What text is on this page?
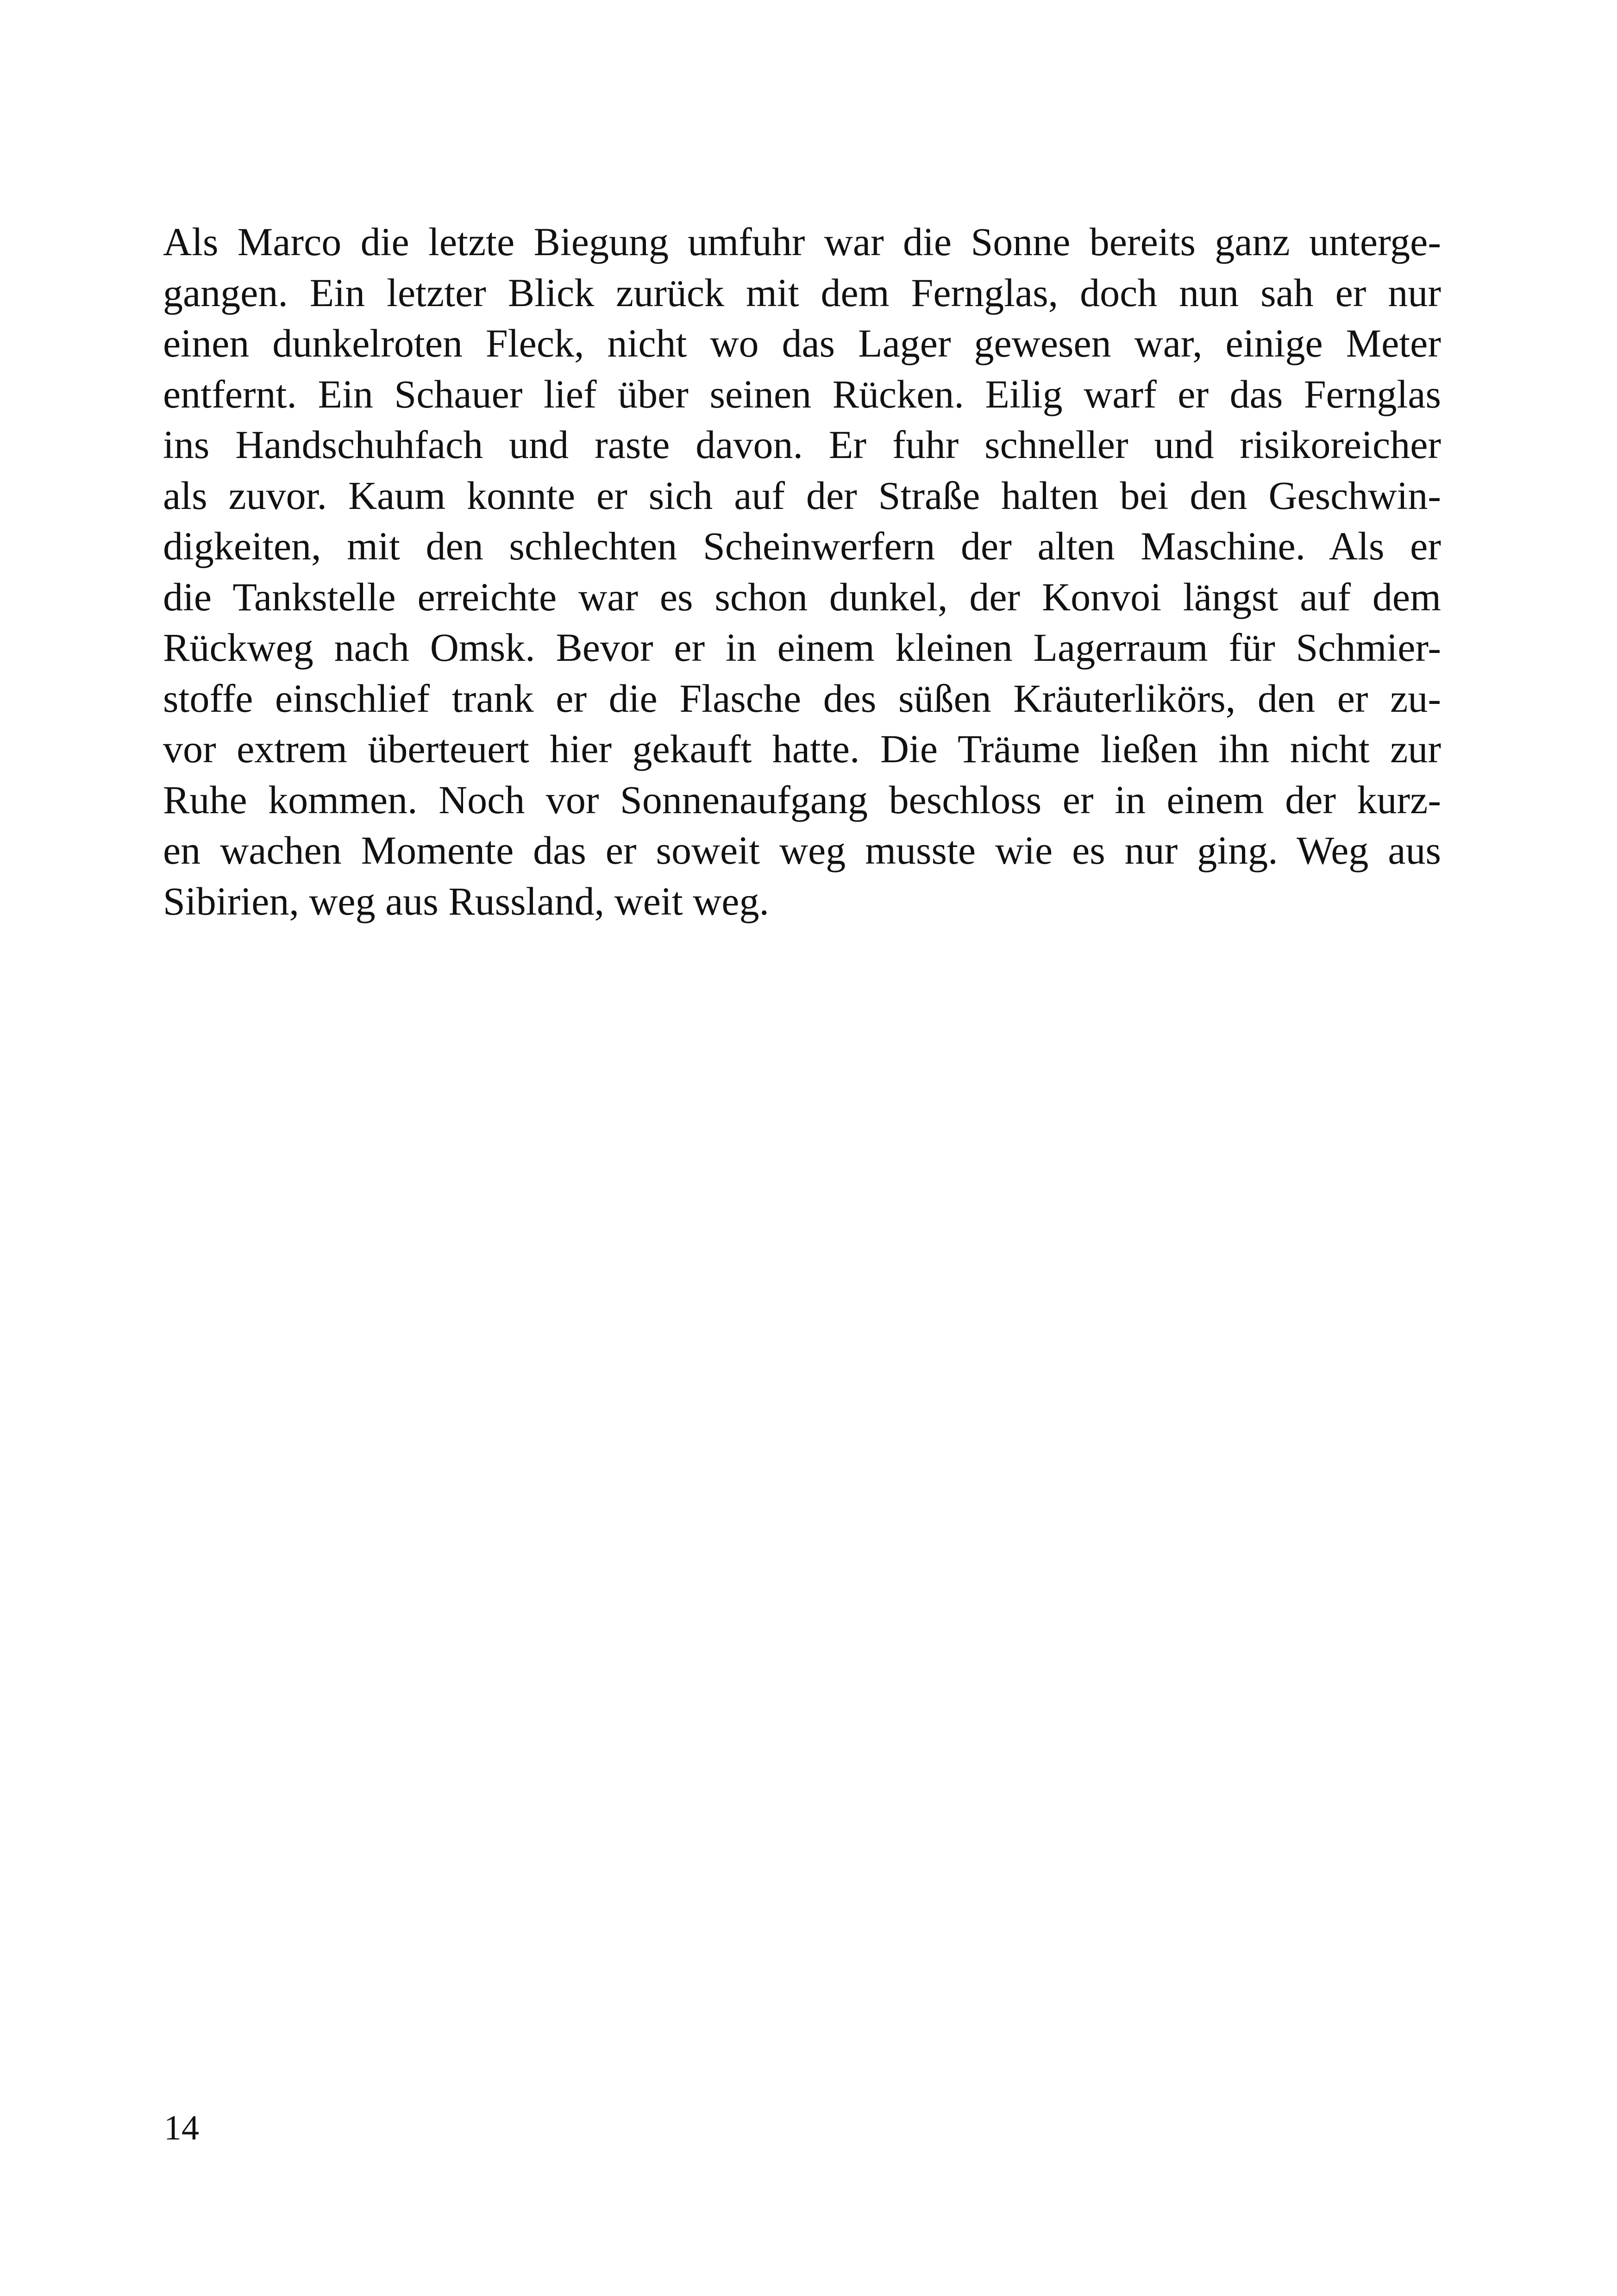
Als Marco die letzte Biegung umfuhr war die Sonne bereits ganz unterge-
gangen. Ein letzter Blick zurück mit dem Fernglas, doch nun sah er nur
einen dunkelroten Fleck, nicht wo das Lager gewesen war, einige Meter
entfernt. Ein Schauer lief über seinen Rücken. Eilig warf er das Fernglas
ins Handschuhfach und raste davon. Er fuhr schneller und risikoreicher
als zuvor. Kaum konnte er sich auf der Straße halten bei den Geschwin-
digkeiten, mit den schlechten Scheinwerfern der alten Maschine. Als er
die Tankstelle erreichte war es schon dunkel, der Konvoi längst auf dem
Rückweg nach Omsk. Bevor er in einem kleinen Lagerraum für Schmier-
stoffe einschlief trank er die Flasche des süßen Kräuterlikörs, den er zu-
vor extrem überteuert hier gekauft hatte. Die Träume ließen ihn nicht zur
Ruhe kommen. Noch vor Sonnenaufgang beschloss er in einem der kurz-
en wachen Momente das er soweit weg musste wie es nur ging. Weg aus
Sibirien, weg aus Russland, weit weg.
14
